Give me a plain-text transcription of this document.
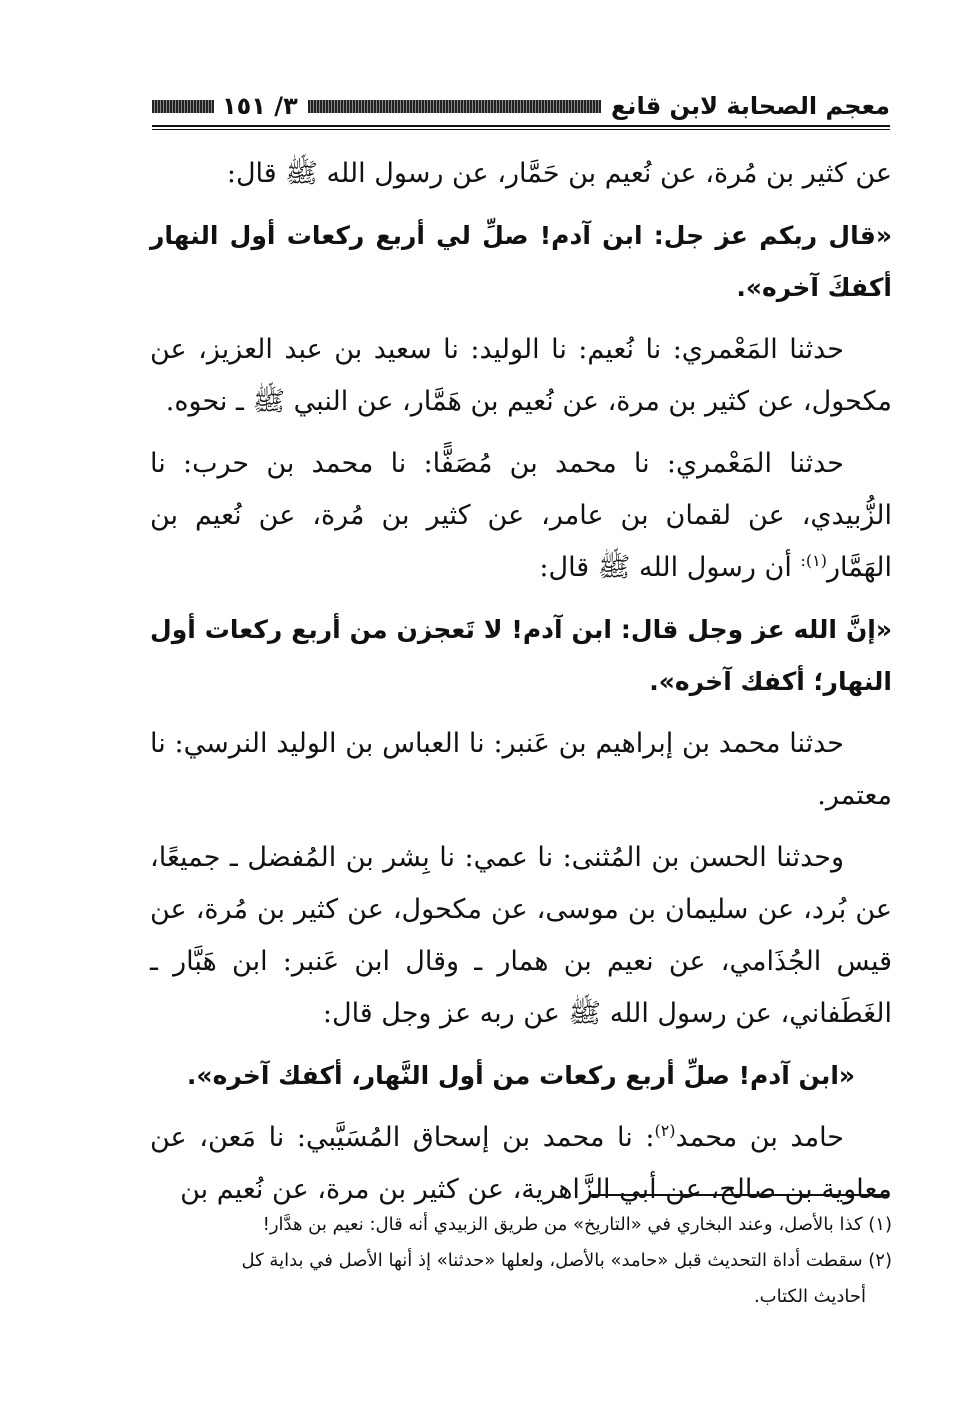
معجم الصحابة لابن قانع
٣/ ١٥١

عن كثير بن مُرة، عن نُعيم بن حَمَّار، عن رسول الله ﷺ قال:

«قال ربكم عز جل: ابن آدم! صلِّ لي أربع ركعات أول النهار أكفكَ آخره».

حدثنا المَعْمري: نا نُعيم: نا الوليد: نا سعيد بن عبد العزيز، عن مكحول، عن كثير بن مرة، عن نُعيم بن هَمَّار، عن النبي ﷺ ـ نحوه.

حدثنا المَعْمري: نا محمد بن مُصَفًّا: نا محمد بن حرب: نا الزُّبيدي، عن لقمان بن عامر، عن كثير بن مُرة، عن نُعيم بن الهَمَّار$^{(١):}$ أن رسول الله ﷺ قال:

«إنَّ الله عز وجل قال: ابن آدم! لا تَعجزن من أربع ركعات أول النهار؛ أكفك آخره».

حدثنا محمد بن إبراهيم بن عَنبر: نا العباس بن الوليد النرسي: نا معتمر.

وحدثنا الحسن بن المُثنى: نا عمي: نا بِشر بن المُفضل ـ جميعًا، عن بُرد، عن سليمان بن موسى، عن مكحول، عن كثير بن مُرة، عن قيس الجُذَامي، عن نعيم بن همار ـ وقال ابن عَنبر: ابن هَبَّار ـ الغَطَفاني، عن رسول الله ﷺ عن ربه عز وجل قال:

«ابن آدم! صلِّ أربع ركعات من أول النَّهار، أكفك آخره».

حامد بن محمد$^{(٢)}$: نا محمد بن إسحاق المُسَيَّبي: نا مَعن، عن معاوية بن صالح، عن أبي الزَّاهرية، عن كثير بن مرة، عن نُعيم بن

(١) كذا بالأصل، وعند البخاري في «التاريخ» من طريق الزبيدي أنه قال: نعيم بن هدَّار!

(٢) سقطت أداة التحديث قبل «حامد» بالأصل، ولعلها «حدثنا» إذ أنها الأصل في بداية كل

أحاديث الكتاب.
